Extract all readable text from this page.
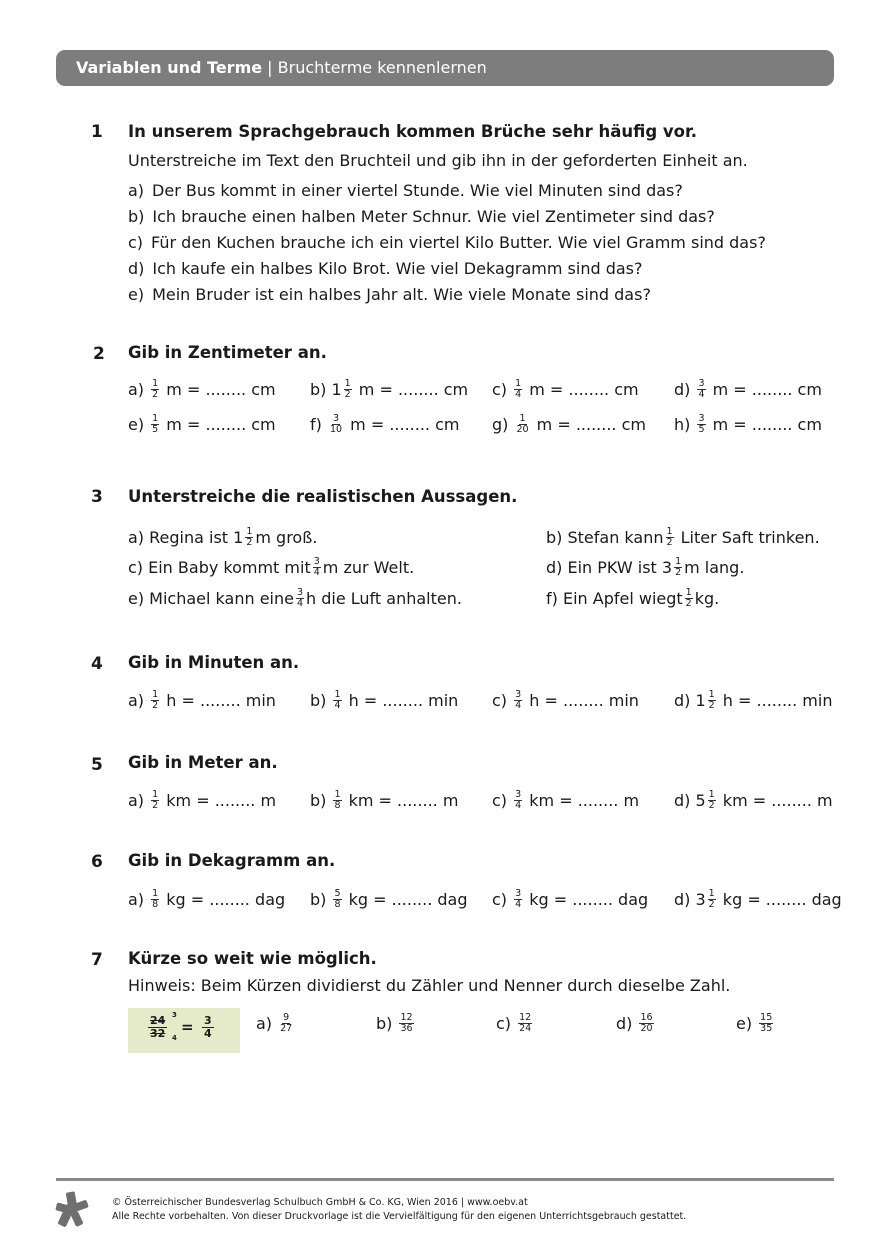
Variablen und Terme | Bruchterme kennenlernen
1 In unserem Sprachgebrauch kommen Brüche sehr häufig vor.
Unterstreiche im Text den Bruchteil und gib ihn in der geforderten Einheit an.
a) Der Bus kommt in einer viertel Stunde. Wie viel Minuten sind das?
b) Ich brauche einen halben Meter Schnur. Wie viel Zentimeter sind das?
c) Für den Kuchen brauche ich ein viertel Kilo Butter. Wie viel Gramm sind das?
d) Ich kaufe ein halbes Kilo Brot. Wie viel Dekagramm sind das?
e) Mein Bruder ist ein halbes Jahr alt. Wie viele Monate sind das?
2 Gib in Zentimeter an.
$a) \frac{1}{2}$ m = ........ cm b) $1 \frac{1}{2}$ m = ........ cm $c) \frac{1}{4}$ m = ........ cm $d) \frac{3}{4}$ m = ........ cm
$e) \frac{1}{5}$ m = ........ cm $f) \frac{3}{10}$ m = ........ cm $g) \frac{1}{20}$ m = ........ cm $h) \frac{3}{5}$ m = ........ cm
3 Unterstreiche die realistischen Aussagen.
a) Regina ist $1 \frac{1}{2}$ m groß.	b) Stefan kann $\frac{1}{2}$ Liter Saft trinken.
c) Ein Baby kommt mit $\frac{3}{4}$ m zur Welt.	d) Ein PKW ist $3 \frac{1}{2}$ m lang.
e) Michael kann eine $\frac{3}{4}$ h die Luft anhalten.	f) Ein Apfel wiegt $\frac{1}{2}$ kg.
4 Gib in Minuten an.
$a) \frac{1}{2}$ h = ........ $\min b) \frac{1}{4}$ h = ........ $\min c) \frac{3}{4}$ h = ........ min d) $1 \frac{1}{2}$ h = ........ min
5 Gib in Meter an.
$a) \frac{1}{2}$ km = ........ m $b) \frac{1}{8}$ km = ........ m $c) \frac{3}{4}$ km = ........ m d) $5 \frac{1}{2}$ km = ........ m
6 Gib in Dekagramm an.
$a) \frac{1}{8}$ kg = ........ dag $b) \frac{5}{8}$ kg = ........ dag $c) \frac{3}{4}$ kg = ........ dag d) $3 \frac{1}{2}$ kg = ........ dag
7 Kürze so weit wie möglich.
Hinweis: Beim Kürzen dividierst du Zähler und Nenner durch dieselbe Zahl.
$\frac{24}{32} 3$
4
= $\frac{3}{4}$	$a) \frac{9}{27}$	$b) \frac{12}{36}$	$c) \frac{12}{24}$	$d) \frac{16}{20}$	$e) \frac{15}{35}$
© Österreichischer Bundesverlag Schulbuch GmbH & Co. KG, Wien 2016 | www.oebv.at
Alle Rechte vorbehalten. Von dieser Druckvorlage ist die Vervielfältigung für den eigenen Unterrichtsgebrauch gestattet.
